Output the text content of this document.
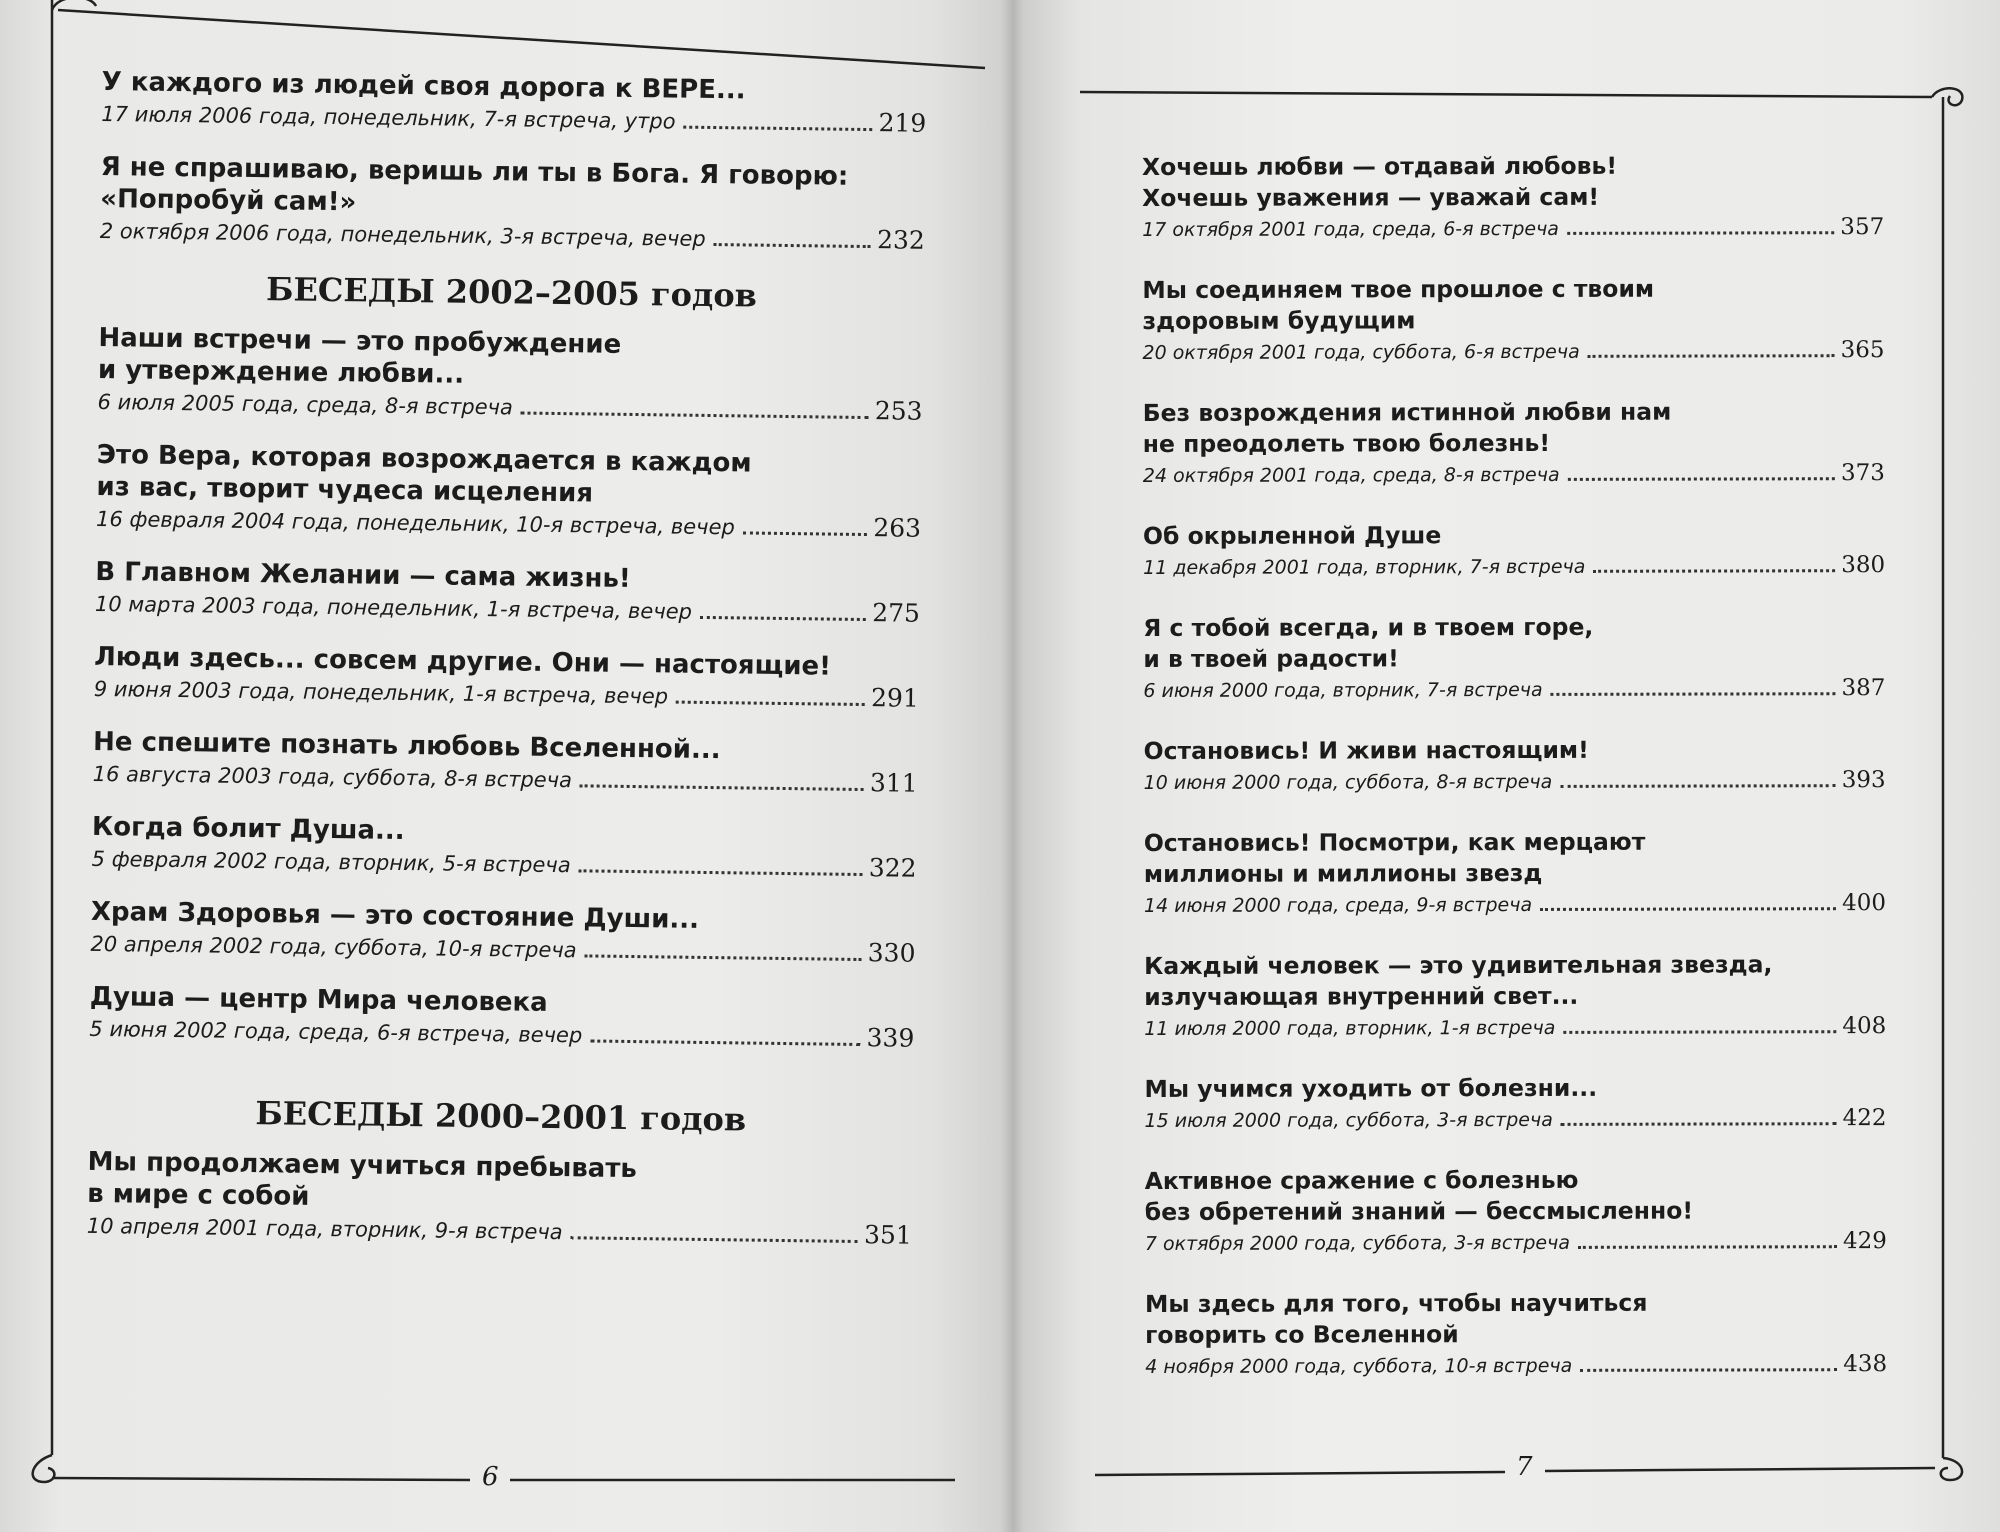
У каждого из людей своя дорога к ВЕРЕ...
17 июля 2006 года, понедельник, 7-я встреча, утро	219
Я не спрашиваю, веришь ли ты в Бога. Я говорю:
«Попробуй сам!»
2 октября 2006 года, понедельник, 3-я встреча, вечер	232
БЕСЕДЫ 2002–2005 годов
Наши встречи — это пробуждение
и утверждение любви...
6 июля 2005 года, среда, 8-я встреча	253
Это Вера, которая возрождается в каждом
из вас, творит чудеса исцеления
16 февраля 2004 года, понедельник, 10-я встреча, вечер	263
В Главном Желании — сама жизнь!
10 марта 2003 года, понедельник, 1-я встреча, вечер	275
Люди здесь... совсем другие. Они — настоящие!
9 июня 2003 года, понедельник, 1-я встреча, вечер	291
Не спешите познать любовь Вселенной...
16 августа 2003 года, суббота, 8-я встреча	311
Когда болит Душа...
5 февраля 2002 года, вторник, 5-я встреча	322
Храм Здоровья — это состояние Души...
20 апреля 2002 года, суббота, 10-я встреча	330
Душа — центр Мира человека
5 июня 2002 года, среда, 6-я встреча, вечер	339
БЕСЕДЫ 2000–2001 годов
Мы продолжаем учиться пребывать
в мире с собой
10 апреля 2001 года, вторник, 9-я встреча	351
6
Хочешь любви — отдавай любовь!
Хочешь уважения — уважай сам!
17 октября 2001 года, среда, 6-я встреча	357
Мы соединяем твое прошлое с твоим
здоровым будущим
20 октября 2001 года, суббота, 6-я встреча	365
Без возрождения истинной любви нам
не преодолеть твою болезнь!
24 октября 2001 года, среда, 8-я встреча	373
Об окрыленной Душе
11 декабря 2001 года, вторник, 7-я встреча	380
Я с тобой всегда, и в твоем горе,
и в твоей радости!
6 июня 2000 года, вторник, 7-я встреча	387
Остановись! И живи настоящим!
10 июня 2000 года, суббота, 8-я встреча	393
Остановись! Посмотри, как мерцают
миллионы и миллионы звезд
14 июня 2000 года, среда, 9-я встреча	400
Каждый человек — это удивительная звезда,
излучающая внутренний свет...
11 июля 2000 года, вторник, 1-я встреча	408
Мы учимся уходить от болезни...
15 июля 2000 года, суббота, 3-я встреча	422
Активное сражение с болезнью
без обретений знаний — бессмысленно!
7 октября 2000 года, суббота, 3-я встреча	429
Мы здесь для того, чтобы научиться
говорить со Вселенной
4 ноября 2000 года, суббота, 10-я встреча	438
7
